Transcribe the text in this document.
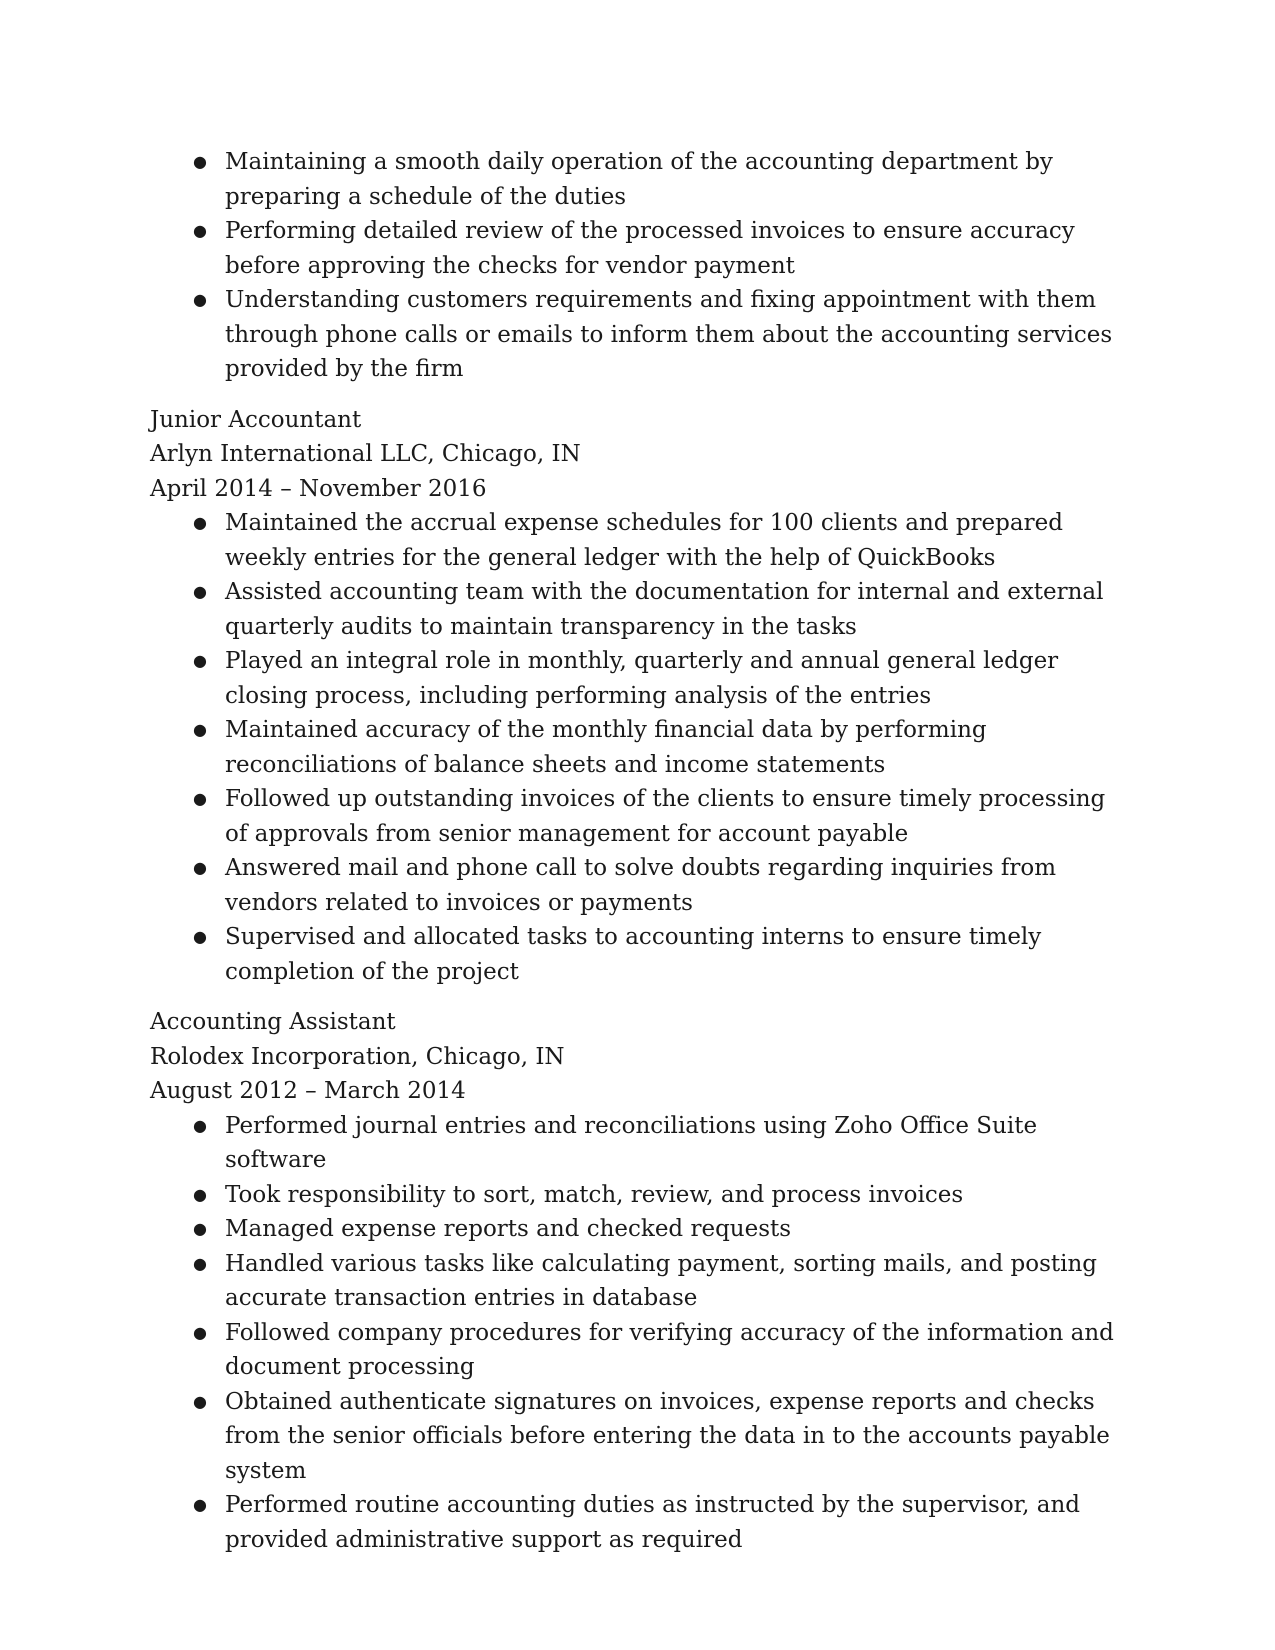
● Maintaining a smooth daily operation of the accounting department by preparing a schedule of the duties
● Performing detailed review of the processed invoices to ensure accuracy before approving the checks for vendor payment
● Understanding customers requirements and fixing appointment with them through phone calls or emails to inform them about the accounting services provided by the firm
Junior Accountant
Arlyn International LLC, Chicago, IN
April 2014 – November 2016
● Maintained the accrual expense schedules for 100 clients and prepared weekly entries for the general ledger with the help of QuickBooks
● Assisted accounting team with the documentation for internal and external quarterly audits to maintain transparency in the tasks
● Played an integral role in monthly, quarterly and annual general ledger closing process, including performing analysis of the entries
● Maintained accuracy of the monthly financial data by performing reconciliations of balance sheets and income statements
● Followed up outstanding invoices of the clients to ensure timely processing of approvals from senior management for account payable
● Answered mail and phone call to solve doubts regarding inquiries from vendors related to invoices or payments
● Supervised and allocated tasks to accounting interns to ensure timely completion of the project
Accounting Assistant
Rolodex Incorporation, Chicago, IN
August 2012 – March 2014
● Performed journal entries and reconciliations using Zoho Office Suite software
● Took responsibility to sort, match, review, and process invoices
● Managed expense reports and checked requests
● Handled various tasks like calculating payment, sorting mails, and posting accurate transaction entries in database
● Followed company procedures for verifying accuracy of the information and document processing
● Obtained authenticate signatures on invoices, expense reports and checks from the senior officials before entering the data in to the accounts payable system
● Performed routine accounting duties as instructed by the supervisor, and provided administrative support as required
